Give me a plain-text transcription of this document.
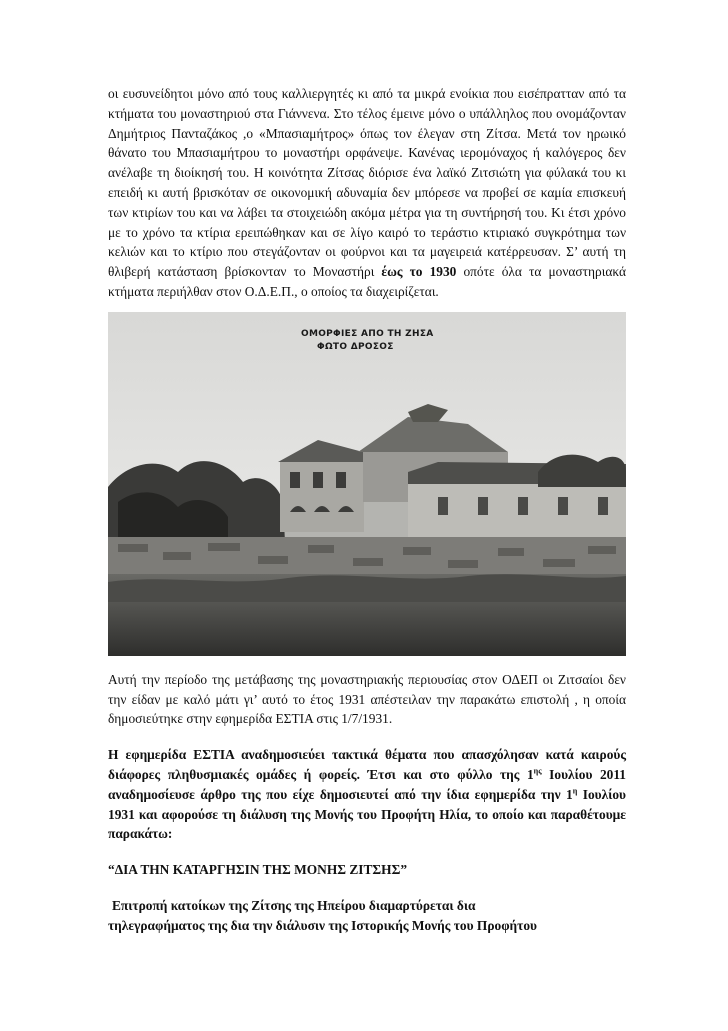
οι ευσυνείδητοι μόνο από τους καλλιεργητές κι από τα μικρά ενοίκια που εισέπρατταν από τα κτήματα του μοναστηριού στα Γιάννενα. Στο τέλος έμεινε μόνο ο υπάλληλος που ονομάζονταν Δημήτριος Πανταζάκος ,ο «Μπασιαμήτρος» όπως τον έλεγαν στη Ζίτσα. Μετά τον ηρωικό θάνατο του Μπασιαμήτρου το μοναστήρι ορφάνεψε. Κανένας ιερομόναχος ή καλόγερος δεν ανέλαβε τη διοίκησή του. Η κοινότητα Ζίτσας διόρισε ένα λαϊκό Ζιτσιώτη για φύλακά του κι επειδή κι αυτή βρισκόταν σε οικονομική αδυναμία δεν μπόρεσε να προβεί σε καμία επισκευή των κτιρίων του και να λάβει τα στοιχειώδη ακόμα μέτρα για τη συντήρησή του. Κι έτσι χρόνο με το χρόνο τα κτίρια ερειπώθηκαν και σε λίγο καιρό το τεράστιο κτιριακό συγκρότημα των κελιών και το κτίριο που στεγάζονταν οι φούρνοι και τα μαγειρειά κατέρρευσαν. Σ’ αυτή τη θλιβερή κατάσταση βρίσκονταν το Μοναστήρι έως το 1930 οπότε όλα τα μοναστηριακά κτήματα περιήλθαν στον Ο.Δ.Ε.Π., ο οποίος τα διαχειρίζεται.

ΟΜΟΡΦΙΕΣ ΑΠΟ ΤΗ ΖΗΣΑ
ΦΩΤΟ ΔΡΟΣΟΣ

Αυτή την περίοδο της μετάβασης της μοναστηριακής περιουσίας στον ΟΔΕΠ οι Ζιτσαίοι δεν την είδαν με καλό μάτι γι’ αυτό το έτος 1931 απέστειλαν την παρακάτω επιστολή , η οποία δημοσιεύτηκε στην εφημερίδα ΕΣΤΙΑ στις 1/7/1931.

Η εφημερίδα ΕΣΤΙΑ αναδημοσιεύει τακτικά θέματα που απασχόλησαν κατά καιρούς διάφορες πληθυσμιακές ομάδες ή φορείς. Έτσι και στο φύλλο της $1^{\eta\varsigma}$ Ιουλίου 2011 αναδημοσίευσε άρθρο της που είχε δημοσιευτεί από την ίδια εφημερίδα την $1^\eta$ Ιουλίου 1931 και αφορούσε τη διάλυση της Μονής του Προφήτη Ηλία, το οποίο και παραθέτουμε παρακάτω:

“ΔΙΑ ΤΗΝ ΚΑΤΑΡΓΗΣΙΝ ΤΗΣ ΜΟΝΗΣ ΖΙΤΣΗΣ”

Επιτροπή κατοίκων της Ζίτσης της Ηπείρου διαμαρτύρεται δια
τηλεγραφήματος της δια την διάλυσιν της Ιστορικής Μονής του Προφήτου
